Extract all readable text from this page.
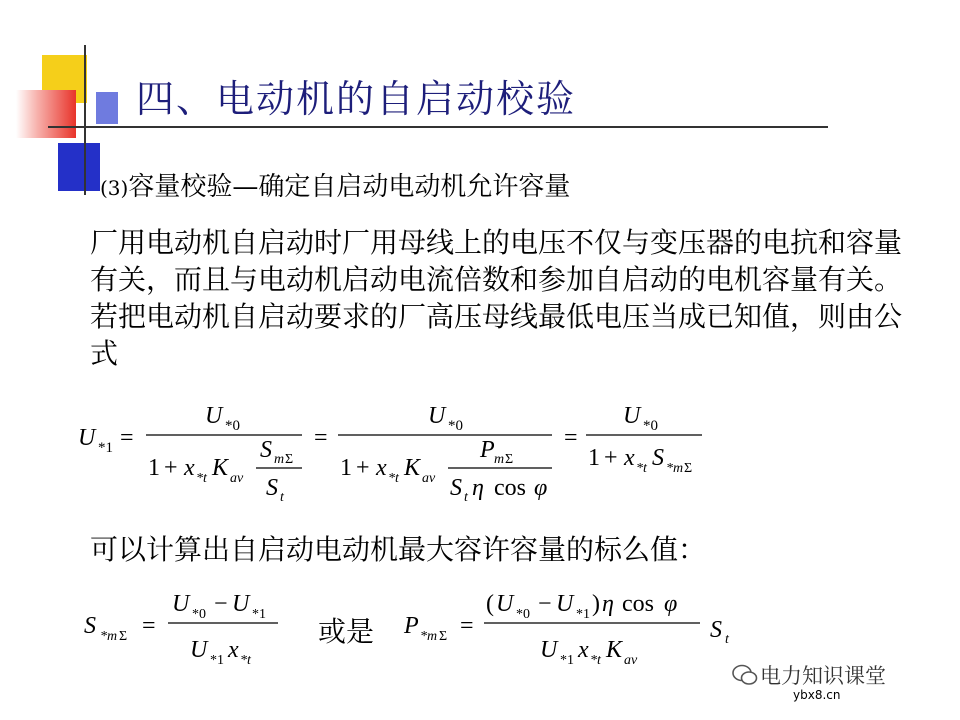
四、电动机的自启动校验
(3)容量校验—确定自启动电动机允许容量
厂用电动机自启动时厂用母线上的电压不仅与变压器的电抗和容量有关，而且与电动机启动电流倍数和参加自启动的电机容量有关。若把电动机自启动要求的厂高压母线最低电压当成已知值，则由公式
U *1 =
U *0
1 + x *t K av
S m Σ
S t
=
U *0
1 + x *t K av
P m Σ
S t η cos φ
=
U *0
1 + x *t S *m Σ
可以计算出自启动电动机最大容许容量的标么值：
S *m Σ =
U *0 − U *1
U *1 x *t
或是 P *m Σ =
( U *0 − U *1 ) η cos φ
U *1 x *t K av
S t
电力知识课堂
ybx8.cn
